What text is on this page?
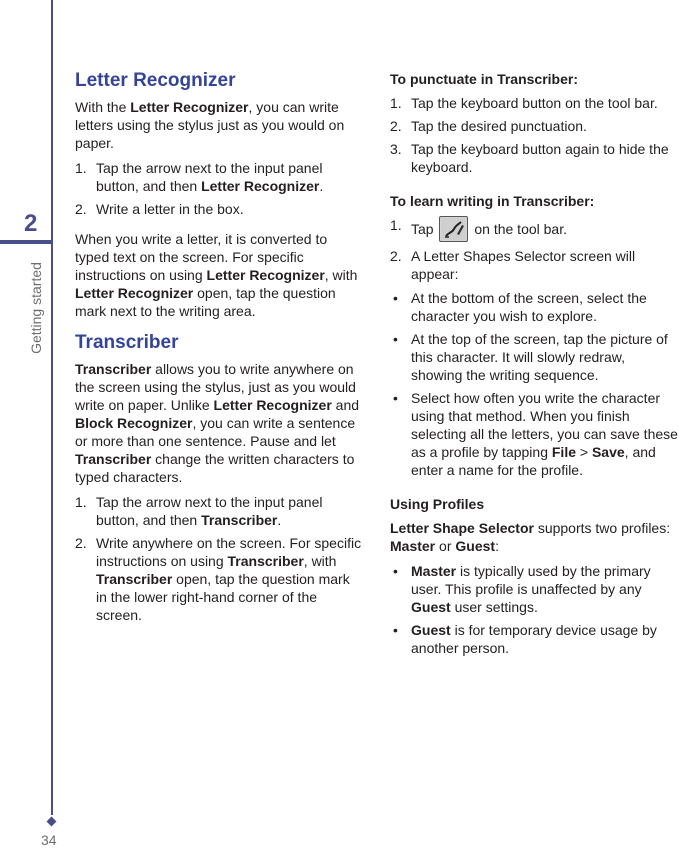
2
Getting started
34
Letter Recognizer

With the Letter Recognizer, you can write letters using the stylus just as you would on paper.

1. Tap the arrow next to the input panel button, and then Letter Recognizer.
2. Write a letter in the box.

When you write a letter, it is converted to typed text on the screen. For specific instructions on using Letter Recognizer, with Letter Recognizer open, tap the question mark next to the writing area.

Transcriber

Transcriber allows you to write anywhere on the screen using the stylus, just as you would write on paper. Unlike Letter Recognizer and Block Recognizer, you can write a sentence or more than one sentence. Pause and let Transcriber change the written characters to typed characters.

1. Tap the arrow next to the input panel button, and then Transcriber.
2. Write anywhere on the screen. For specific instructions on using Transcriber, with Transcriber open, tap the question mark in the lower right-hand corner of the screen.
To punctuate in Transcriber:
1. Tap the keyboard button on the tool bar.
2. Tap the desired punctuation.
3. Tap the keyboard button again to hide the keyboard.
To learn writing in Transcriber:
1. Tap	on the tool bar.
2. A Letter Shapes Selector screen will appear:
• At the bottom of the screen, select the character you wish to explore.
• At the top of the screen, tap the picture of this character. It will slowly redraw, showing the writing sequence.
• Select how often you write the character using that method. When you finish selecting all the letters, you can save these as a profile by tapping File > Save, and enter a name for the profile.
Using Profiles

Letter Shape Selector supports two profiles: Master or Guest:

• Master is typically used by the primary user. This profile is unaffected by any Guest user settings.
• Guest is for temporary device usage by another person.
